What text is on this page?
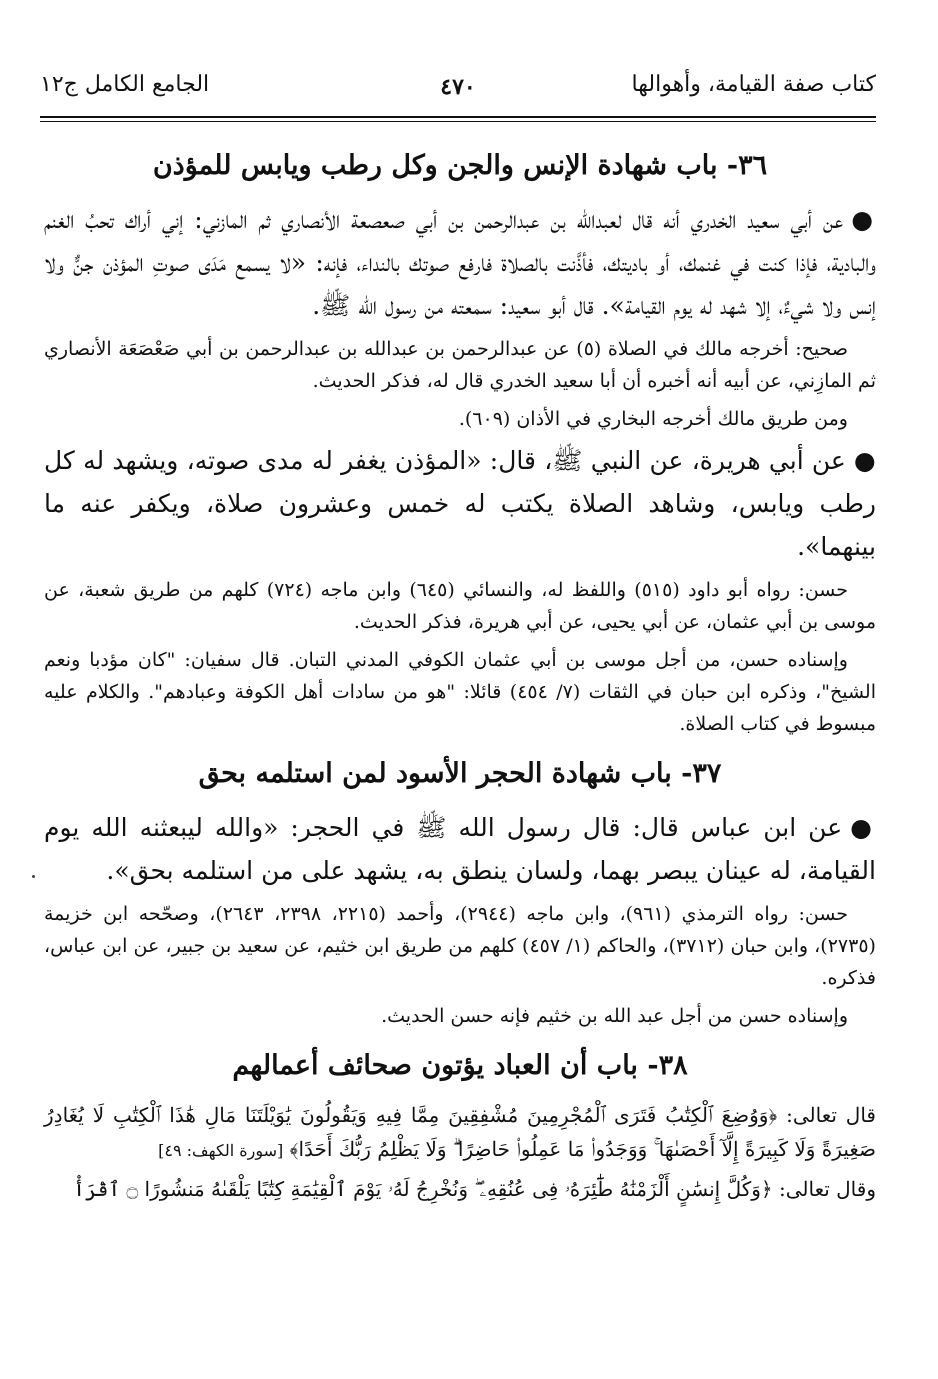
كتاب صفة القيامة، وأهوالها
٤٧٠
الجامع الكامل ج١٢
٣٦- باب شهادة الإنس والجن وكل رطب ويابس للمؤذن

●عن أبي سعيد الخدري أنه قال لعبدالله بن عبدالرحمن بن أبي صعصعة الأنصاري ثم المازني: إني أراك تحبُ الغنم والبادية، فإذا كنت في غنمك، أو باديتك، فأذَّنت بالصلاة فارفع صوتك بالنداء، فإنه: «لا يسمع مَدَى صوتِ المؤذن جنٌّ ولا إنس ولا شيءٌ، إلا شهد له يوم القيامة». قال أبو سعيد: سمعته من رسول الله ﷺ.

صحيح: أخرجه مالك في الصلاة (٥) عن عبدالرحمن بن عبدالله بن عبدالرحمن بن أبي صَعْصَعَة الأنصاري ثم المازِني، عن أبيه أنه أخبره أن أبا سعيد الخدري قال له، فذكر الحديث.

ومن طريق مالك أخرجه البخاري في الأذان (٦٠٩).

●عن أبي هريرة، عن النبي ﷺ، قال: «المؤذن يغفر له مدى صوته، ويشهد له كل رطب ويابس، وشاهد الصلاة يكتب له خمس وعشرون صلاة، ويكفر عنه ما بينهما».

حسن: رواه أبو داود (٥١٥) واللفظ له، والنسائي (٦٤٥) وابن ماجه (٧٢٤) كلهم من طريق شعبة، عن موسى بن أبي عثمان، عن أبي يحيى، عن أبي هريرة، فذكر الحديث.

وإسناده حسن، من أجل موسى بن أبي عثمان الكوفي المدني التبان. قال سفيان: "كان مؤدبا ونعم الشيخ"، وذكره ابن حبان في الثقات (٧/ ٤٥٤) قائلا: "هو من سادات أهل الكوفة وعبادهم". والكلام عليه مبسوط في كتاب الصلاة.

٣٧- باب شهادة الحجر الأسود لمن استلمه بحق

●عن ابن عباس قال: قال رسول الله ﷺ في الحجر: «والله ليبعثنه الله يوم القيامة، له عينان يبصر بهما، ولسان ينطق به، يشهد على من استلمه بحق».

حسن: رواه الترمذي (٩٦١)، وابن ماجه (٢٩٤٤)، وأحمد (٢٢١٥، ٢٣٩٨، ٢٦٤٣)، وصحّحه ابن خزيمة (٢٧٣٥)، وابن حبان (٣٧١٢)، والحاكم (١/ ٤٥٧) كلهم من طريق ابن خثيم، عن سعيد بن جبير، عن ابن عباس، فذكره.

وإسناده حسن من أجل عبد الله بن خثيم فإنه حسن الحديث.

٣٨- باب أن العباد يؤتون صحائف أعمالهم

قال تعالى: ﴿وَوُضِعَ ٱلْكِتَٰبُ فَتَرَى ٱلْمُجْرِمِينَ مُشْفِقِينَ مِمَّا فِيهِ وَيَقُولُونَ يَٰوَيْلَتَنَا مَالِ هَٰذَا ٱلْكِتَٰبِ لَا يُغَادِرُ صَغِيرَةً وَلَا كَبِيرَةً إِلَّآ أَحْصَىٰهَا ۚ وَوَجَدُوا۟ مَا عَمِلُوا۟ حَاضِرًا ۗ وَلَا يَظْلِمُ رَبُّكَ أَحَدًا﴾ [سورة الكهف: ٤٩]

وقال تعالى: ﴿وَكُلَّ إِنسَٰنٍ أَلْزَمْنَٰهُ طَٰٓئِرَهُۥ فِى عُنُقِهِۦ ۖ وَنُخْرِجُ لَهُۥ يَوْمَ ٱلْقِيَٰمَةِ كِتَٰبًا يَلْقَىٰهُ مَنشُورًا ۝ ٱقْرَأْ
